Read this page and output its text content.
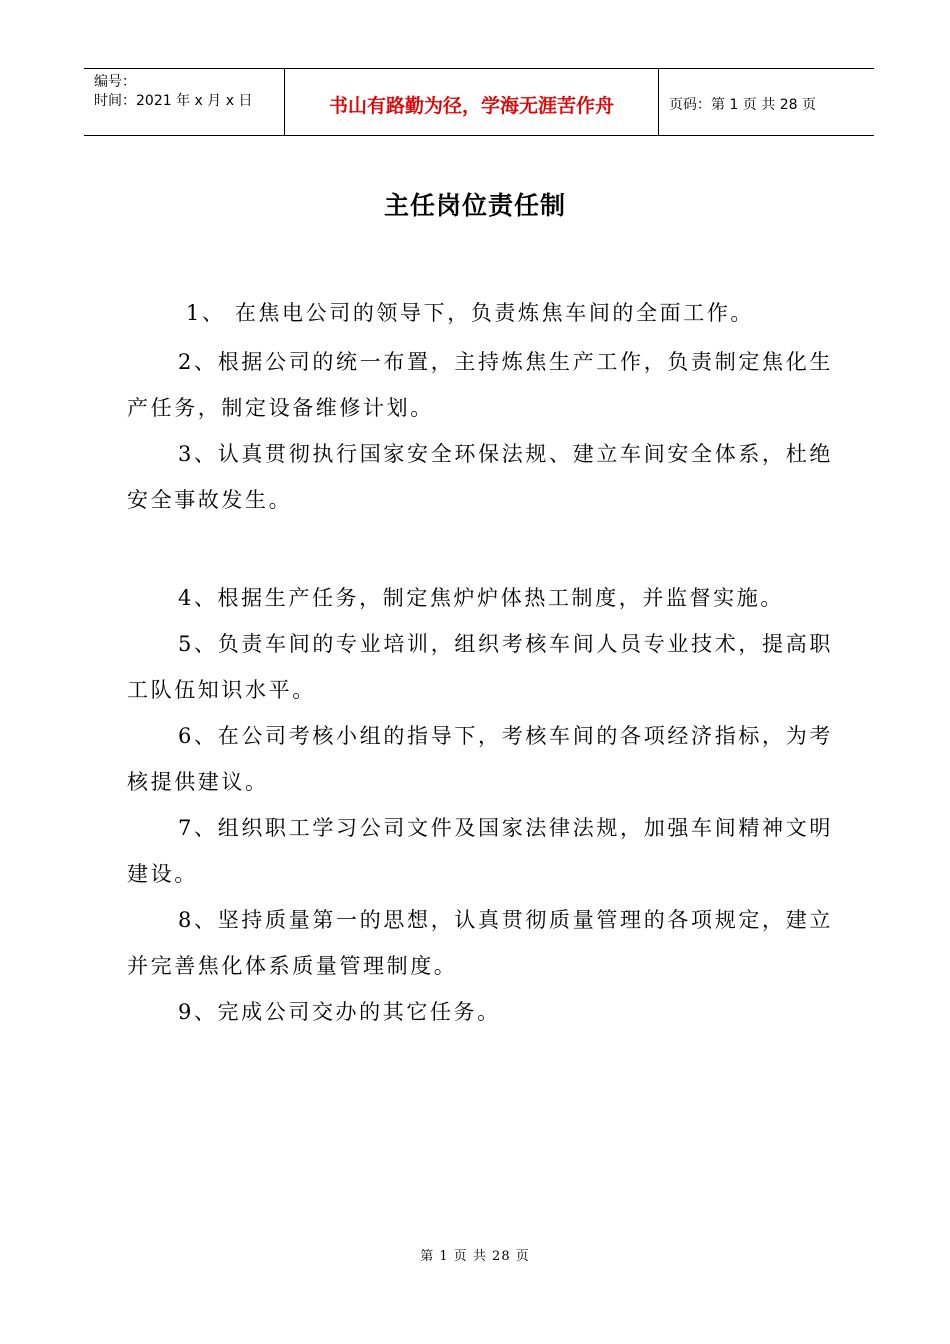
编号：
时间：2021 年 x 月 x 日	书山有路勤为径，学海无涯苦作舟	页码：第 1 页 共 28 页
主任岗位责任制

1、 在焦电公司的领导下，负责炼焦车间的全面工作。

2、根据公司的统一布置，主持炼焦生产工作，负责制定焦化生产任务，制定设备维修计划。

3、认真贯彻执行国家安全环保法规、建立车间安全体系，杜绝安全事故发生。

4、根据生产任务，制定焦炉炉体热工制度，并监督实施。

5、负责车间的专业培训，组织考核车间人员专业技术，提高职工队伍知识水平。

6、在公司考核小组的指导下，考核车间的各项经济指标，为考核提供建议。

7、组织职工学习公司文件及国家法律法规，加强车间精神文明建设。

8、坚持质量第一的思想，认真贯彻质量管理的各项规定，建立并完善焦化体系质量管理制度。

9、完成公司交办的其它任务。

第 1 页 共 28 页
